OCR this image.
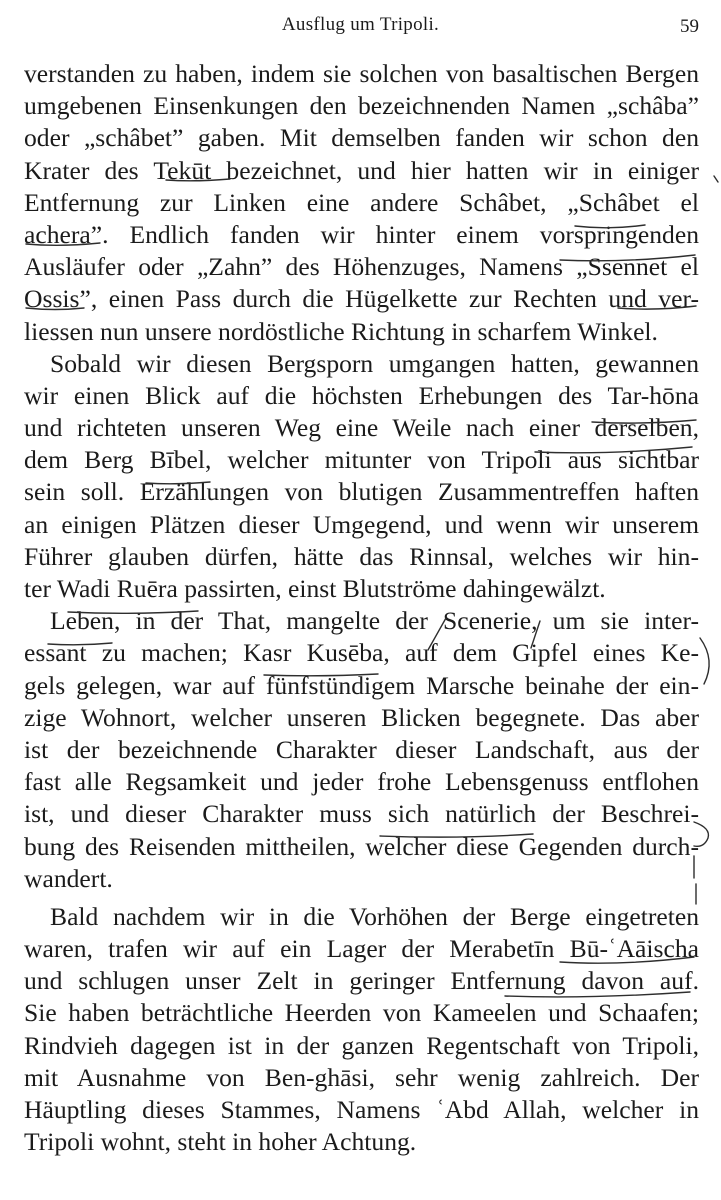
Ausflug um Tripoli.	59
verstanden zu haben, indem sie solchen von basaltischen Bergen
umgebenen Einsenkungen den bezeichnenden Namen „schâba”
oder „schâbet” gaben. Mit demselben fanden wir schon den
Krater des Tekūt bezeichnet, und hier hatten wir in einiger
Entfernung zur Linken eine andere Schâbet, „Schâbet el
achera”. Endlich fanden wir hinter einem vorspringenden
Ausläufer oder „Zahn” des Höhenzuges, Namens „Ssennet el
Ossis”, einen Pass durch die Hügelkette zur Rechten und ver-
liessen nun unsere nordöstliche Richtung in scharfem Winkel.
Sobald wir diesen Bergsporn umgangen hatten, gewannen
wir einen Blick auf die höchsten Erhebungen des Tar-hōna
und richteten unseren Weg eine Weile nach einer derselben,
dem Berg Bībel, welcher mitunter von Tripoli aus sichtbar
sein soll. Erzählungen von blutigen Zusammentreffen haften
an einigen Plätzen dieser Umgegend, und wenn wir unserem
Führer glauben dürfen, hätte das Rinnsal, welches wir hin-
ter Wadi Ruēra passirten, einst Blutströme dahingewälzt.
Leben, in der That, mangelte der Scenerie, um sie inter-
essant zu machen; Kasr Kusēba, auf dem Gipfel eines Ke-
gels gelegen, war auf fünfstündigem Marsche beinahe der ein-
zige Wohnort, welcher unseren Blicken begegnete. Das aber
ist der bezeichnende Charakter dieser Landschaft, aus der
fast alle Regsamkeit und jeder frohe Lebensgenuss entflohen
ist, und dieser Charakter muss sich natürlich der Beschrei-
bung des Reisenden mittheilen, welcher diese Gegenden durch-
wandert.
Bald nachdem wir in die Vorhöhen der Berge eingetreten
waren, trafen wir auf ein Lager der Merabetīn Bū-ʿAāischa
und schlugen unser Zelt in geringer Entfernung davon auf.
Sie haben beträchtliche Heerden von Kameelen und Schaafen;
Rindvieh dagegen ist in der ganzen Regentschaft von Tripoli,
mit Ausnahme von Ben-ghāsi, sehr wenig zahlreich. Der
Häuptling dieses Stammes, Namens ʿAbd Allah, welcher in
Tripoli wohnt, steht in hoher Achtung.
